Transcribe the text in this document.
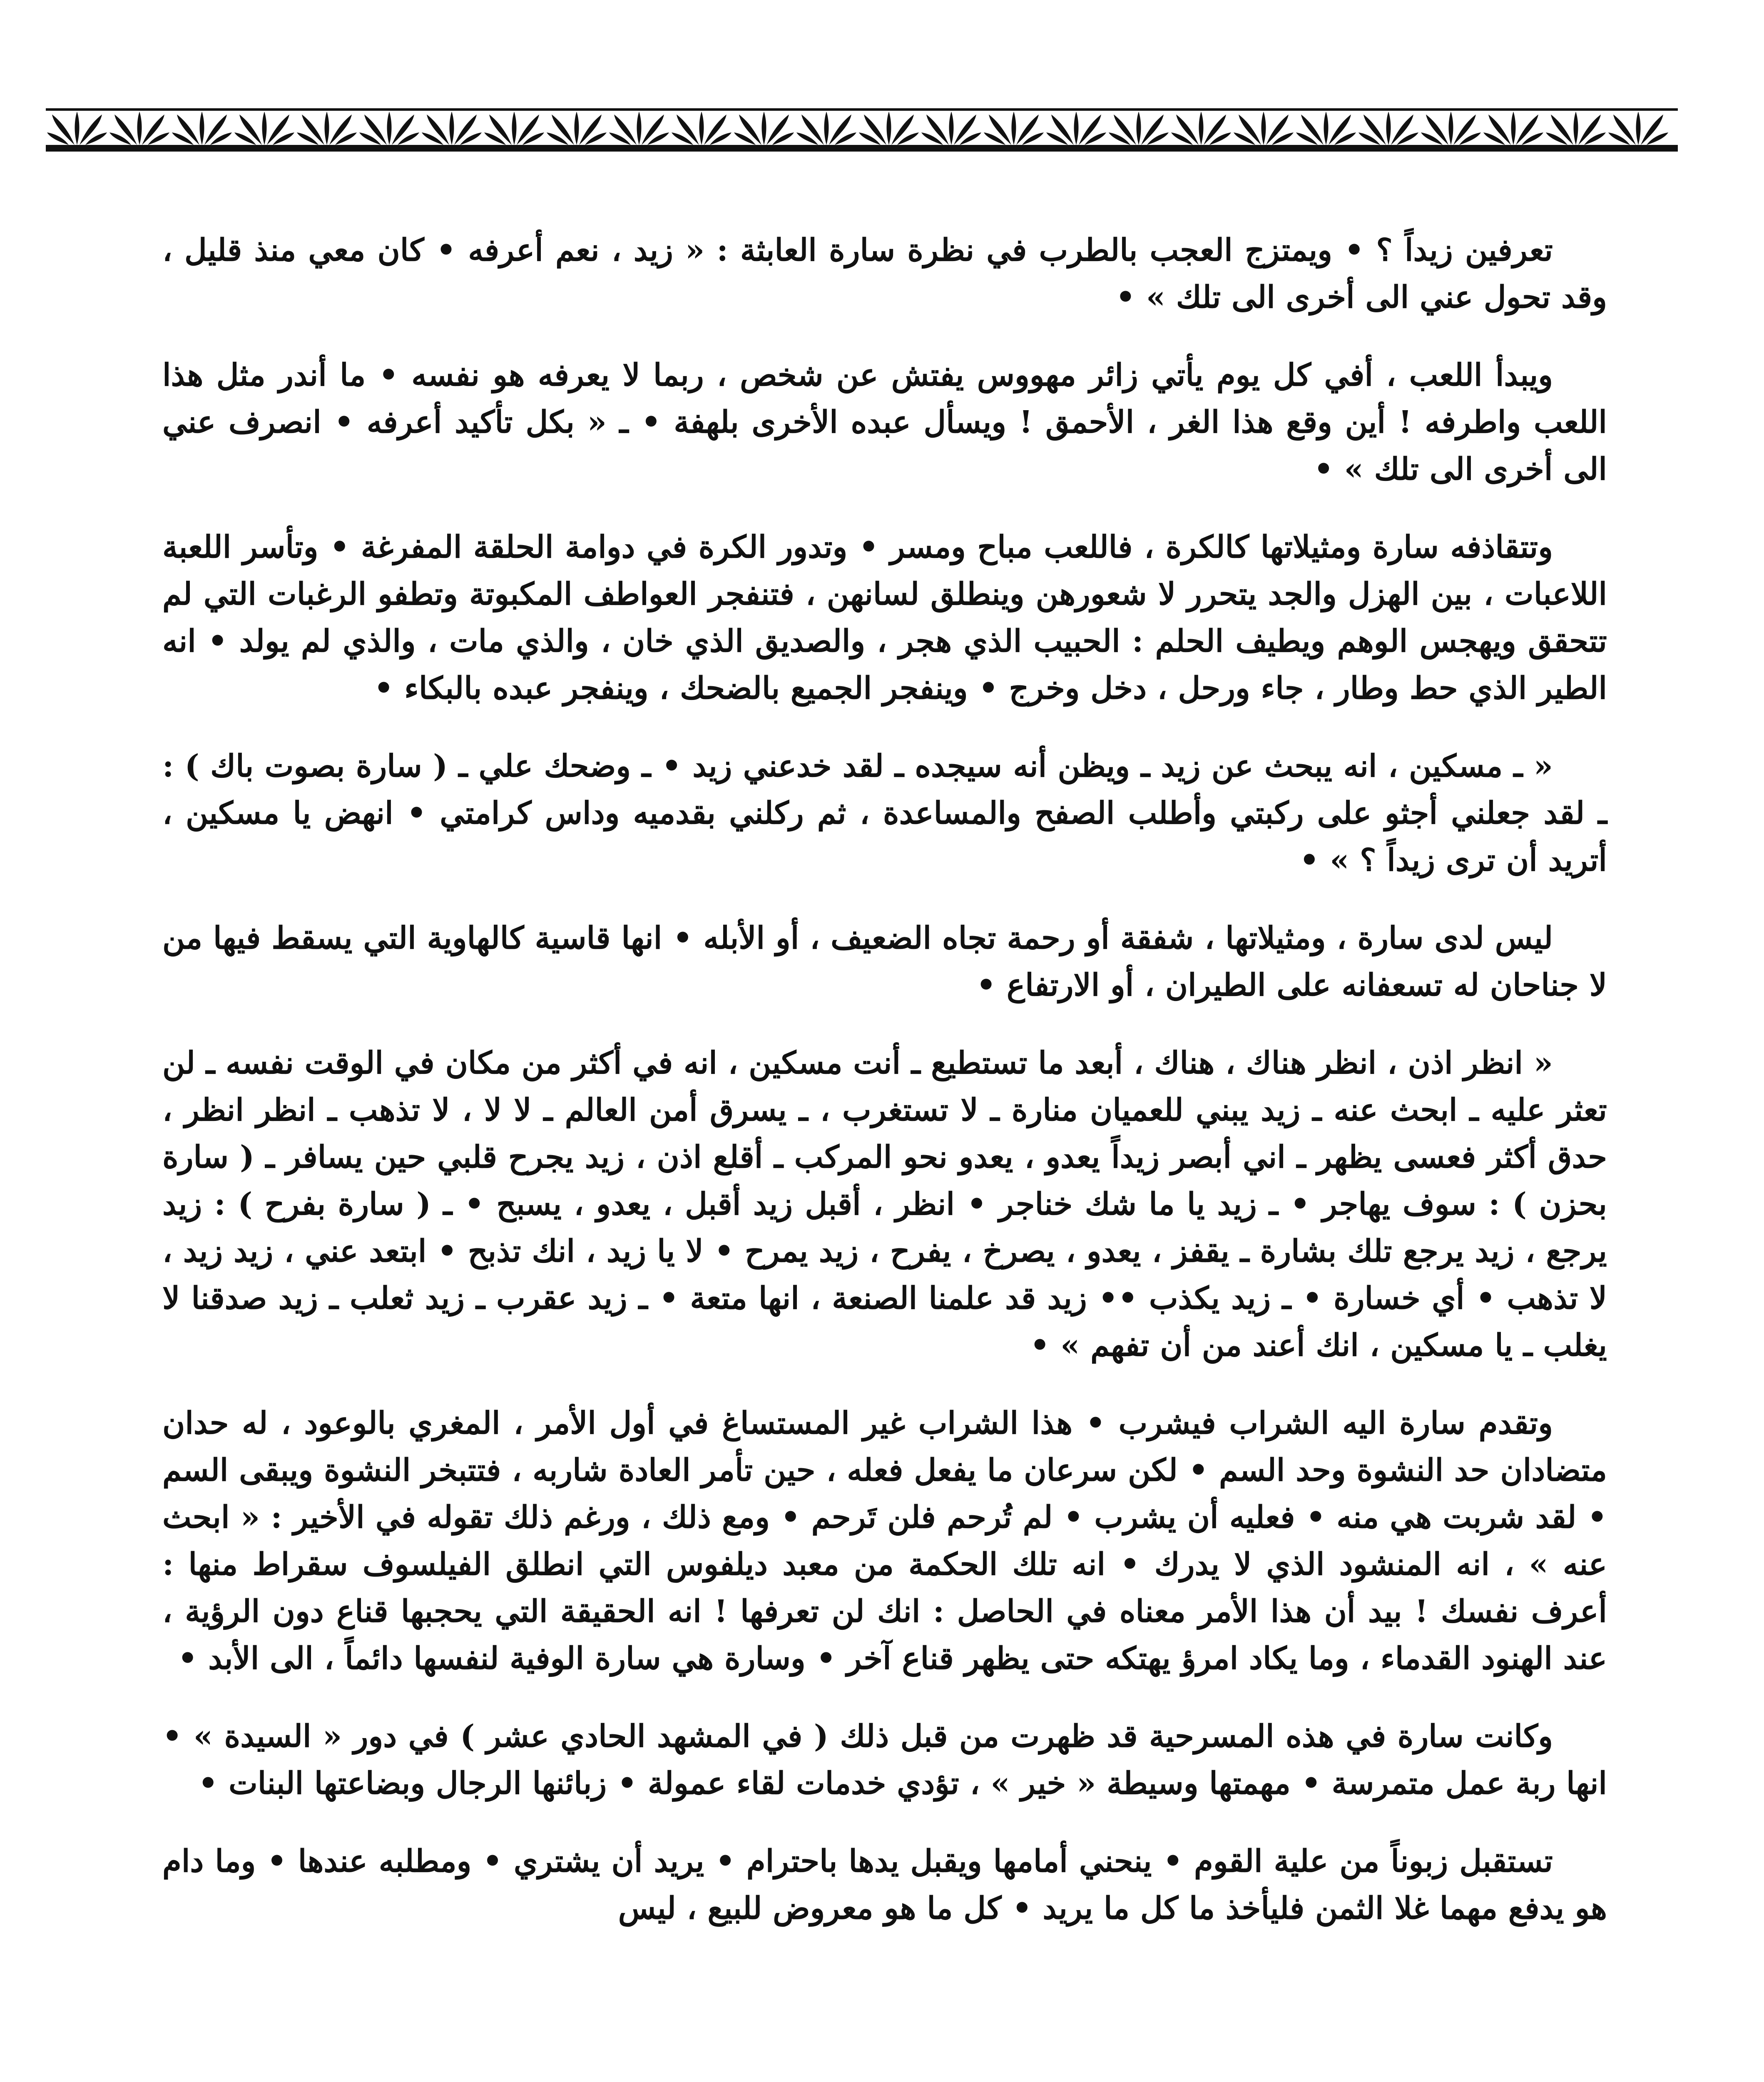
تعرفين زيداً ؟ • ويمتزج العجب بالطرب في نظرة سارة العابثة : « زيد ، نعم أعرفه • كان معي منذ قليل ، وقد تحول عني الى أخرى الى تلك » •

ويبدأ اللعب ، أفي كل يوم يأتي زائر مهووس يفتش عن شخص ، ربما لا يعرفه هو نفسه • ما أندر مثل هذا اللعب واطرفه ! أين وقع هذا الغر ، الأحمق ! ويسأل عبده الأخرى بلهفة • ـ « بكل تأكيد أعرفه • انصرف عني الى أخرى الى تلك » •

وتتقاذفه سارة ومثيلاتها كالكرة ، فاللعب مباح ومسر • وتدور الكرة في دوامة الحلقة المفرغة • وتأسر اللعبة اللاعبات ، بين الهزل والجد يتحرر لا شعورهن وينطلق لسانهن ، فتنفجر العواطف المكبوتة وتطفو الرغبات التي لم تتحقق ويهجس الوهم ويطيف الحلم : الحبيب الذي هجر ، والصديق الذي خان ، والذي مات ، والذي لم يولد • انه الطير الذي حط وطار ، جاء ورحل ، دخل وخرج • وينفجر الجميع بالضحك ، وينفجر عبده بالبكاء •

« ـ مسكين ، انه يبحث عن زيد ـ ويظن أنه سيجده ـ لقد خدعني زيد • ـ وضحك علي ـ ( سارة بصوت باك ) : ـ لقد جعلني أجثو على ركبتي وأطلب الصفح والمساعدة ، ثم ركلني بقدميه وداس كرامتي • انهض يا مسكين ، أتريد أن ترى زيداً ؟ » •

ليس لدى سارة ، ومثيلاتها ، شفقة أو رحمة تجاه الضعيف ، أو الأبله • انها قاسية كالهاوية التي يسقط فيها من لا جناحان له تسعفانه على الطيران ، أو الارتفاع •

« انظر اذن ، انظر هناك ، هناك ، أبعد ما تستطيع ـ أنت مسكين ، انه في أكثر من مكان في الوقت نفسه ـ لن تعثر عليه ـ ابحث عنه ـ زيد يبني للعميان منارة ـ لا تستغرب ، ـ يسرق أمن العالم ـ لا لا ، لا تذهب ـ انظر انظر ، حدق أكثر فعسى يظهر ـ اني أبصر زيداً يعدو ، يعدو نحو المركب ـ أقلع اذن ، زيد يجرح قلبي حين يسافر ـ ( سارة بحزن ) : سوف يهاجر • ـ زيد يا ما شك خناجر • انظر ، أقبل زيد أقبل ، يعدو ، يسبح • ـ ( سارة بفرح ) : زيد يرجع ، زيد يرجع تلك بشارة ـ يقفز ، يعدو ، يصرخ ، يفرح ، زيد يمرح • لا يا زيد ، انك تذبح • ابتعد عني ، زيد زيد ، لا تذهب • أي خسارة • ـ زيد يكذب •• زيد قد علمنا الصنعة ، انها متعة • ـ زيد عقرب ـ زيد ثعلب ـ زيد صدقنا لا يغلب ـ يا مسكين ، انك أعند من أن تفهم » •

وتقدم سارة اليه الشراب فيشرب • هذا الشراب غير المستساغ في أول الأمر ، المغري بالوعود ، له حدان متضادان حد النشوة وحد السم • لكن سرعان ما يفعل فعله ، حين تأمر العادة شاربه ، فتتبخر النشوة ويبقى السم • لقد شربت هي منه • فعليه أن يشرب • لم تُرحم فلن تَرحم • ومع ذلك ، ورغم ذلك تقوله في الأخير : « ابحث عنه » ، انه المنشود الذي لا يدرك • انه تلك الحكمة من معبد ديلفوس التي انطلق الفيلسوف سقراط منها : أعرف نفسك ! بيد أن هذا الأمر معناه في الحاصل : انك لن تعرفها ! انه الحقيقة التي يحجبها قناع دون الرؤية ، عند الهنود القدماء ، وما يكاد امرؤ يهتكه حتى يظهر قناع آخر • وسارة هي سارة الوفية لنفسها دائماً ، الى الأبد •

وكانت سارة في هذه المسرحية قد ظهرت من قبل ذلك ( في المشهد الحادي عشر ) في دور « السيدة » • انها ربة عمل متمرسة • مهمتها وسيطة « خير » ، تؤدي خدمات لقاء عمولة • زبائنها الرجال وبضاعتها البنات •

تستقبل زبوناً من علية القوم • ينحني أمامها ويقبل يدها باحترام • يريد أن يشتري • ومطلبه عندها • وما دام هو يدفع مهما غلا الثمن فليأخذ ما كل ما يريد • كل ما هو معروض للبيع ، ليس
